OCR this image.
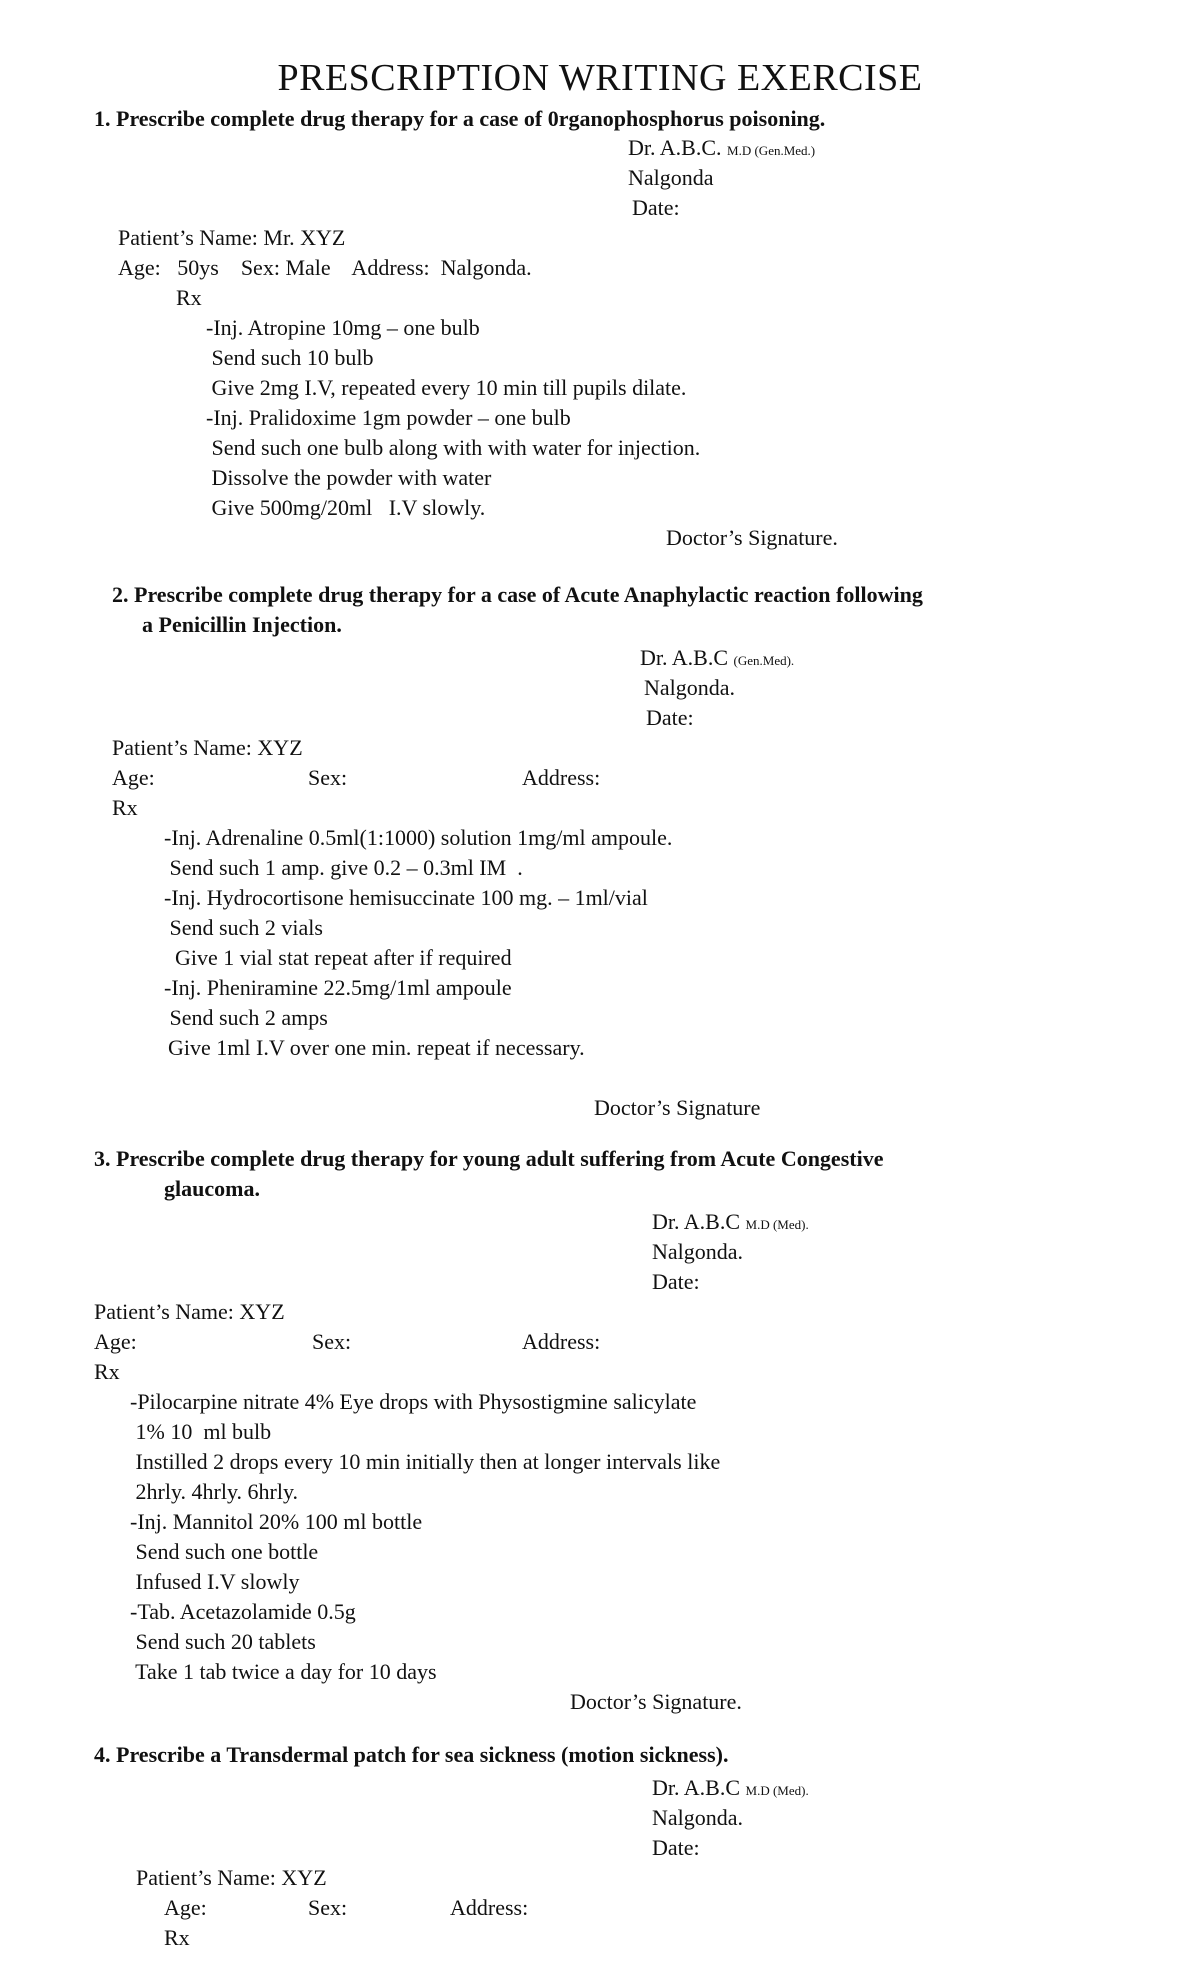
PRESCRIPTION WRITING EXERCISE
1. Prescribe complete drug therapy for a case of 0rganophosphorus poisoning.
Dr. A.B.C. M.D (Gen.Med.)
Nalgonda
Date:
Patient’s Name: Mr. XYZ
Age:   50ys    Sex: Male    Address:  Nalgonda.
Rx
-Inj. Atropine 10mg – one bulb
Send such 10 bulb
Give 2mg I.V, repeated every 10 min till pupils dilate.
-Inj. Pralidoxime 1gm powder – one bulb
Send such one bulb along with with water for injection.
Dissolve the powder with water
Give 500mg/20ml   I.V slowly.
Doctor’s Signature.
2. Prescribe complete drug therapy for a case of Acute Anaphylactic reaction following
a Penicillin Injection.
Dr. A.B.C (Gen.Med).
Nalgonda.
Date:
Patient’s Name: XYZ
Age:	Sex:	Address:
Rx
-Inj. Adrenaline 0.5ml(1:1000) solution 1mg/ml ampoule.
Send such 1 amp. give 0.2 – 0.3ml IM  .
-Inj. Hydrocortisone hemisuccinate 100 mg. – 1ml/vial
Send such 2 vials
Give 1 vial stat repeat after if required
-Inj. Pheniramine 22.5mg/1ml ampoule
Send such 2 amps
Give 1ml I.V over one min. repeat if necessary.
Doctor’s Signature
3. Prescribe complete drug therapy for young adult suffering from Acute Congestive
glaucoma.
Dr. A.B.C M.D (Med).
Nalgonda.
Date:
Patient’s Name: XYZ
Age:	Sex:	Address:
Rx
-Pilocarpine nitrate 4% Eye drops with Physostigmine salicylate
1% 10  ml bulb
Instilled 2 drops every 10 min initially then at longer intervals like
2hrly. 4hrly. 6hrly.
-Inj. Mannitol 20% 100 ml bottle
Send such one bottle
Infused I.V slowly
-Tab. Acetazolamide 0.5g
Send such 20 tablets
Take 1 tab twice a day for 10 days
Doctor’s Signature.
4. Prescribe a Transdermal patch for sea sickness (motion sickness).
Dr. A.B.C M.D (Med).
Nalgonda.
Date:
Patient’s Name: XYZ
Age:	Sex:	Address:
Rx
